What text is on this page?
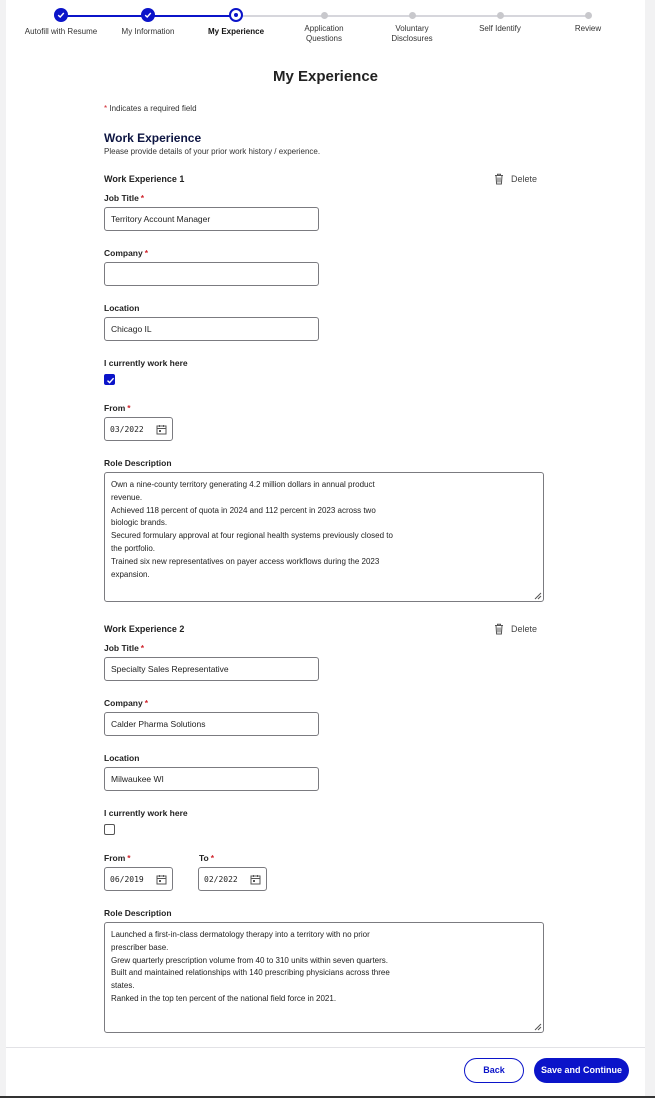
Autofill with Resume	My Information	My Experience	Application Questions
Voluntary Disclosures
Self Identify	Review
My Experience
* Indicates a required field
Work Experience
Please provide details of your prior work history / experience.
Work Experience 1	Delete
Job Title *
Territory Account Manager
Company *
Location
Chicago IL
I currently work here
From *
03/2022
Role Description
Own a nine-county territory generating 4.2 million dollars in annual product
revenue.
Achieved 118 percent of quota in 2024 and 112 percent in 2023 across two
biologic brands.
Secured formulary approval at four regional health systems previously closed to
the portfolio.
Trained six new representatives on payer access workflows during the 2023
expansion.
Work Experience 2	Delete
Job Title *
Specialty Sales Representative
Company *
Calder Pharma Solutions
Location
Milwaukee WI
I currently work here
From *
06/2019
To *
02/2022
Role Description
Launched a first-in-class dermatology therapy into a territory with no prior
prescriber base.
Grew quarterly prescription volume from 40 to 310 units within seven quarters.
Built and maintained relationships with 140 prescribing physicians across three
states.
Ranked in the top ten percent of the national field force in 2021.
Back	Save and Continue
